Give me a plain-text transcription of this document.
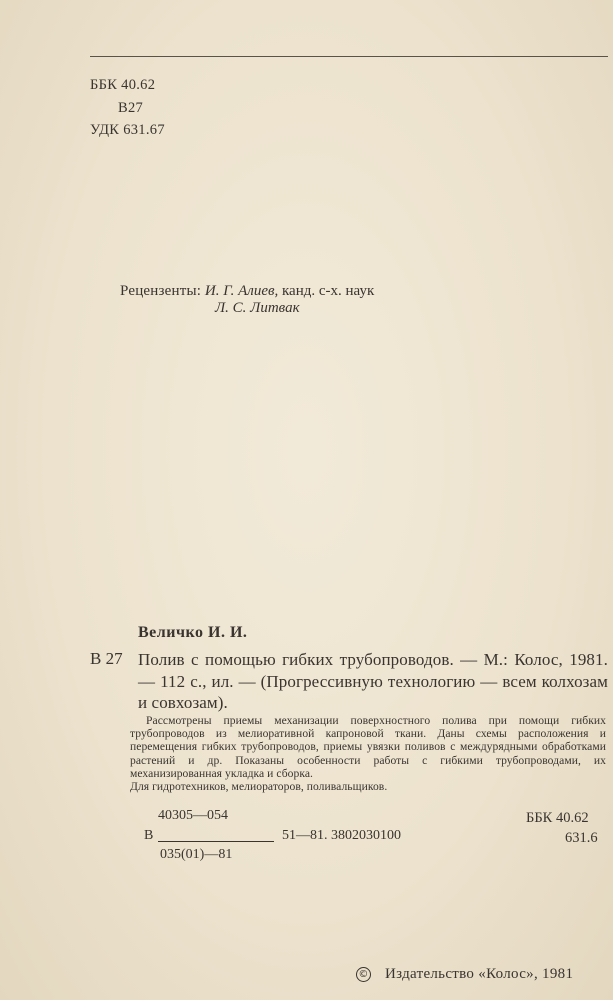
ББК 40.62
В27
УДК 631.67
Рецензенты: И. Г. Алиев, канд. с-х. наук
Л. С. Литвак
Величко И. И.
В 27 Полив с помощью гибких трубопроводов. — М.: Колос, 1981. — 112 с., ил. — (Прогрессивную технологию — всем колхозам и совхозам).
Рассмотрены приемы механизации поверхностного полива при помощи гибких трубопроводов из мелиоративной капроновой ткани. Даны схемы расположения и перемещения гибких трубопроводов, приемы увязки поливов с междурядными обработками растений и др. Показаны особенности работы с гибкими трубопроводами, их механизированная укладка и сборка.
Для гидротехников, мелиораторов, поливальщиков.
40305—054
В	51—81. 3802030100
035(01)—81
ББК 40.62
631.6
© Издательство «Колос», 1981
